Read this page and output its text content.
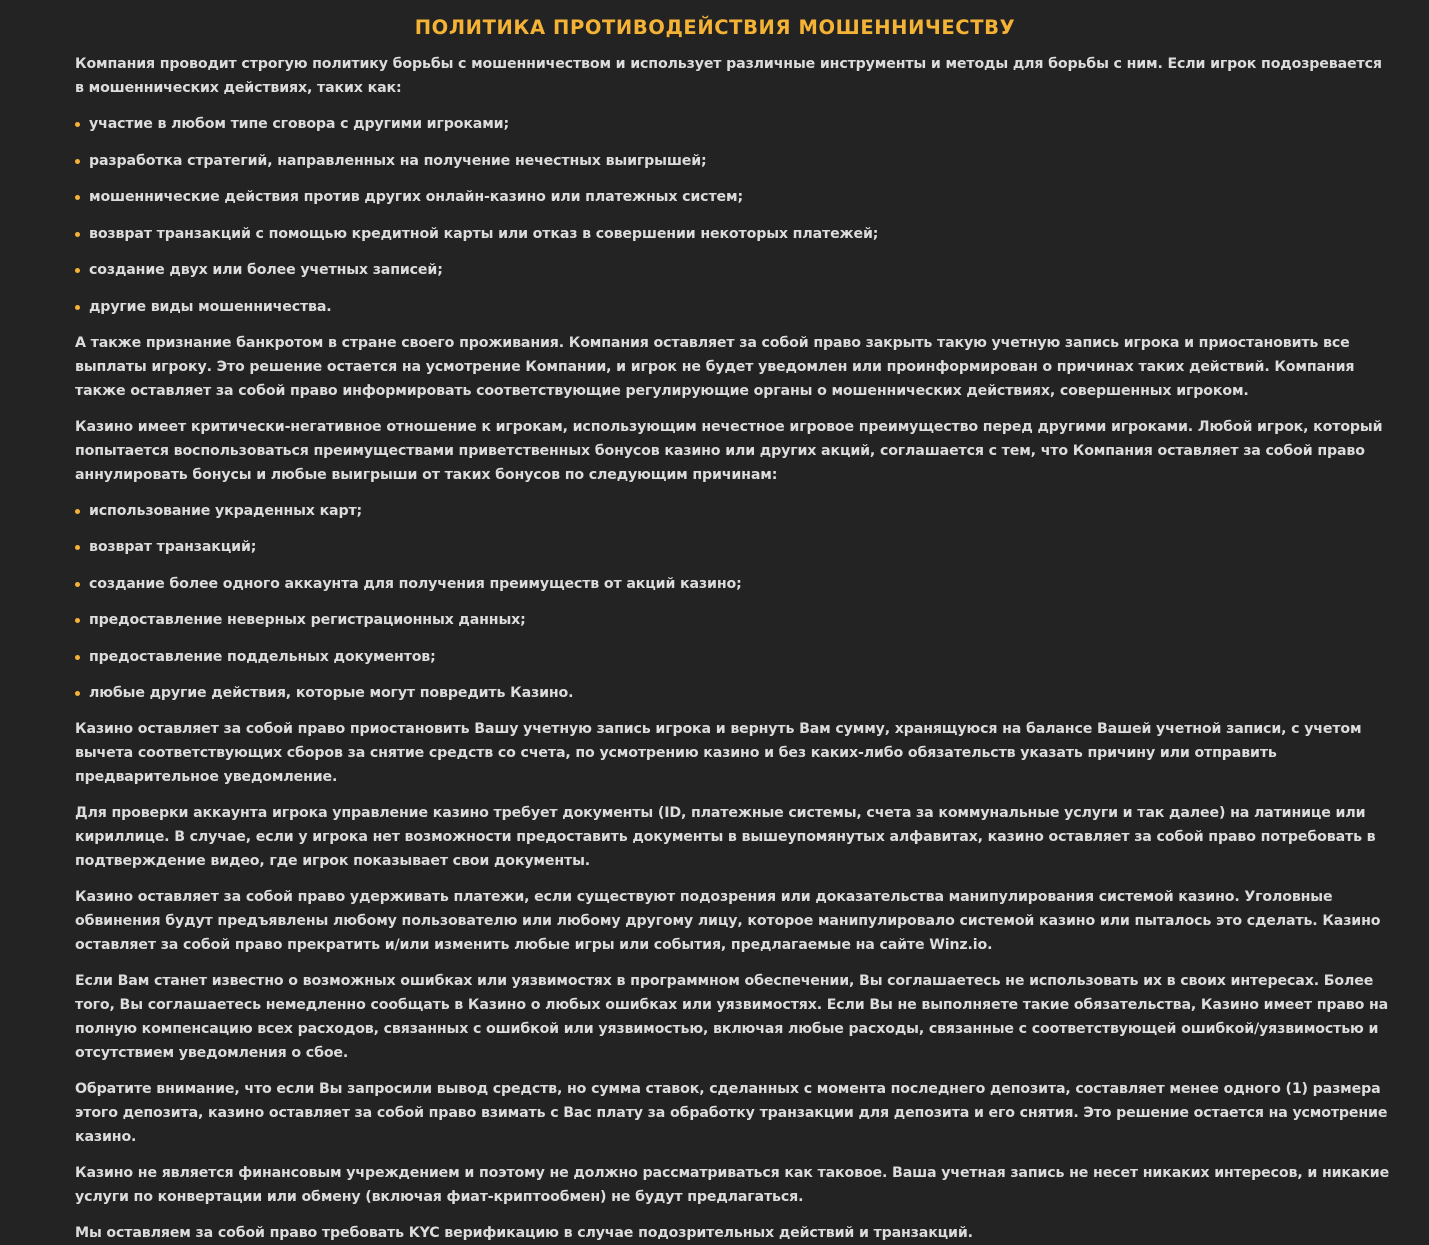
ПОЛИТИКА ПРОТИВОДЕЙСТВИЯ МОШЕННИЧЕСТВУ

Компания проводит строгую политику борьбы с мошенничеством и использует различные инструменты и методы для борьбы с ним. Если игрок подозревается в мошеннических действиях, таких как:

участие в любом типе сговора с другими игроками;
разработка стратегий, направленных на получение нечестных выигрышей;
мошеннические действия против других онлайн-казино или платежных систем;
возврат транзакций с помощью кредитной карты или отказ в совершении некоторых платежей;
создание двух или более учетных записей;
другие виды мошенничества.

А также признание банкротом в стране своего проживания. Компания оставляет за собой право закрыть такую учетную запись игрока и приостановить все выплаты игроку. Это решение остается на усмотрение Компании, и игрок не будет уведомлен или проинформирован о причинах таких действий. Компания также оставляет за собой право информировать соответствующие регулирующие органы о мошеннических действиях, совершенных игроком.

Казино имеет критически-негативное отношение к игрокам, использующим нечестное игровое преимущество перед другими игроками. Любой игрок, который попытается воспользоваться преимуществами приветственных бонусов казино или других акций, соглашается с тем, что Компания оставляет за собой право аннулировать бонусы и любые выигрыши от таких бонусов по следующим причинам:

использование украденных карт;
возврат транзакций;
создание более одного аккаунта для получения преимуществ от акций казино;
предоставление неверных регистрационных данных;
предоставление поддельных документов;
любые другие действия, которые могут повредить Казино.

Казино оставляет за собой право приостановить Вашу учетную запись игрока и вернуть Вам сумму, хранящуюся на балансе Вашей учетной записи, с учетом вычета соответствующих сборов за снятие средств со счета, по усмотрению казино и без каких-либо обязательств указать причину или отправить предварительное уведомление.

Для проверки аккаунта игрока управление казино требует документы (ID, платежные системы, счета за коммунальные услуги и так далее) на латинице или кириллице. В случае, если у игрока нет возможности предоставить документы в вышеупомянутых алфавитах, казино оставляет за собой право потребовать в подтверждение видео, где игрок показывает свои документы.

Казино оставляет за собой право удерживать платежи, если существуют подозрения или доказательства манипулирования системой казино. Уголовные обвинения будут предъявлены любому пользователю или любому другому лицу, которое манипулировало системой казино или пыталось это сделать. Казино оставляет за собой право прекратить и/или изменить любые игры или события, предлагаемые на сайте Winz.io.

Если Вам станет известно о возможных ошибках или уязвимостях в программном обеспечении, Вы соглашаетесь не использовать их в своих интересах. Более того, Вы соглашаетесь немедленно сообщать в Казино о любых ошибках или уязвимостях. Если Вы не выполняете такие обязательства, Казино имеет право на полную компенсацию всех расходов, связанных с ошибкой или уязвимостью, включая любые расходы, связанные с соответствующей ошибкой/уязвимостью и отсутствием уведомления о сбое.

Обратите внимание, что если Вы запросили вывод средств, но сумма ставок, сделанных с момента последнего депозита, составляет менее одного (1) размера этого депозита, казино оставляет за собой право взимать с Вас плату за обработку транзакции для депозита и его снятия. Это решение остается на усмотрение казино.

Казино не является финансовым учреждением и поэтому не должно рассматриваться как таковое. Ваша учетная запись не несет никаких интересов, и никакие услуги по конвертации или обмену (включая фиат-криптообмен) не будут предлагаться.

Мы оставляем за собой право требовать KYC верификацию в случае подозрительных действий и транзакций.
